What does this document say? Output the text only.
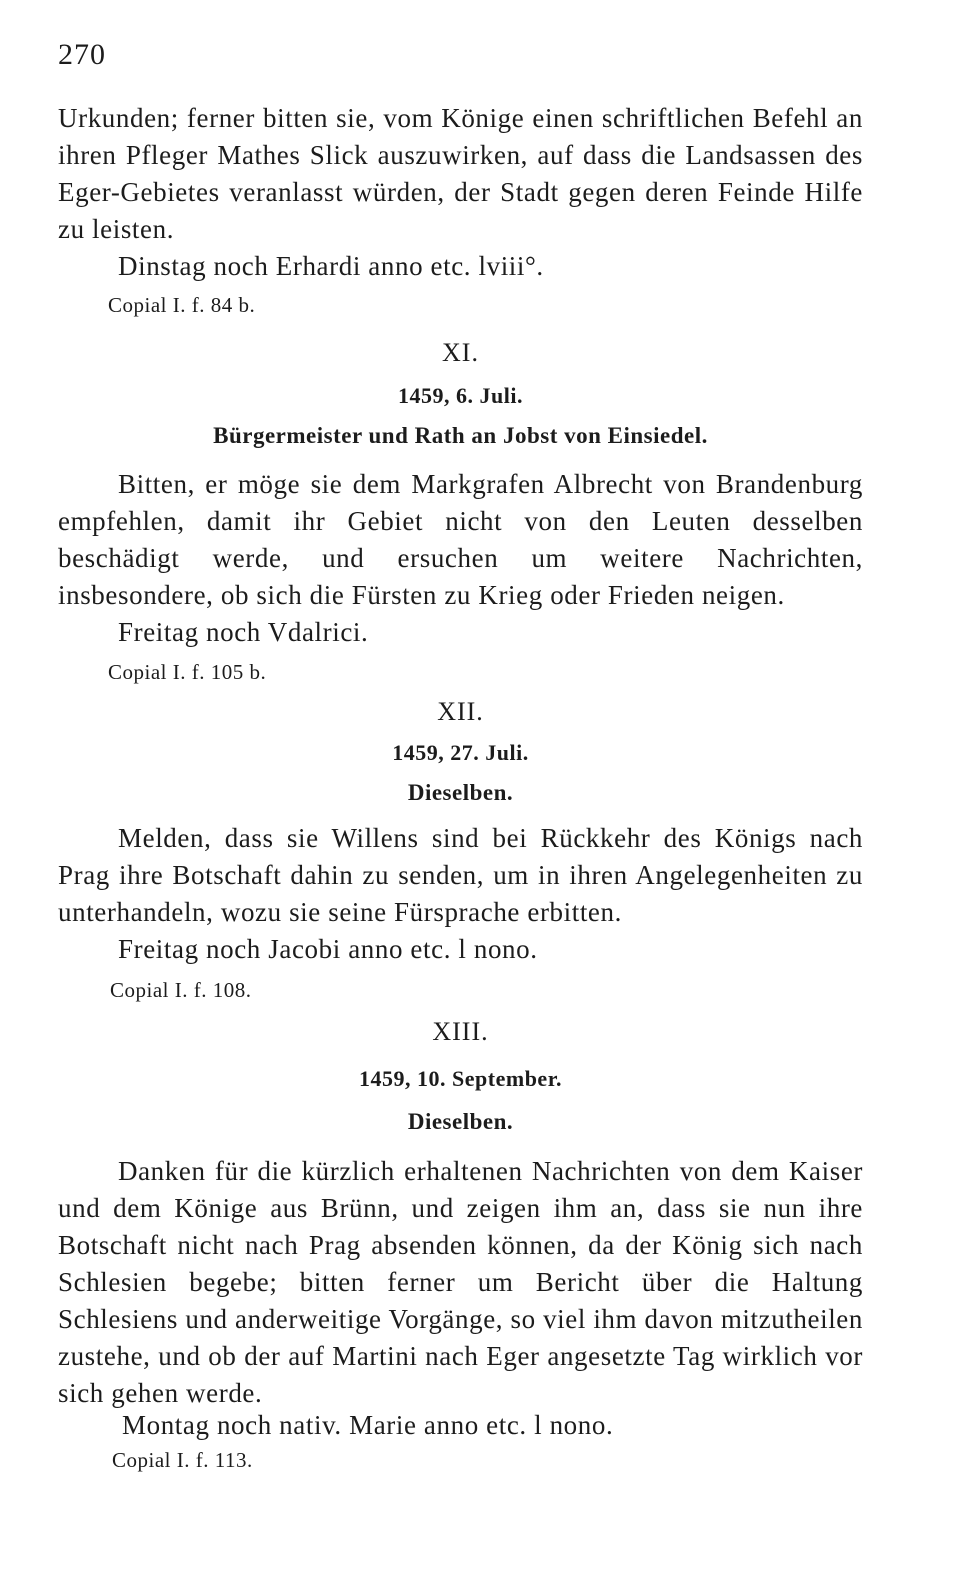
270
Urkunden; ferner bitten sie, vom Könige einen schriftlichen Befehl an ihren Pfleger Mathes Slick auszuwirken, auf dass die Landsassen des Eger-Gebietes veranlasst würden, der Stadt gegen deren Feinde Hilfe zu leisten.
Dinstag noch Erhardi anno etc. lviii°.
Copial I. f. 84 b.
XI.
1459, 6. Juli.
Bürgermeister und Rath an Jobst von Einsiedel.
Bitten, er möge sie dem Markgrafen Albrecht von Brandenburg empfehlen, damit ihr Gebiet nicht von den Leuten desselben beschädigt werde, und ersuchen um weitere Nachrichten, insbesondere, ob sich die Fürsten zu Krieg oder Frieden neigen.
Freitag noch Vdalrici.
Copial I. f. 105 b.
XII.
1459, 27. Juli.
Dieselben.
Melden, dass sie Willens sind bei Rückkehr des Königs nach Prag ihre Botschaft dahin zu senden, um in ihren Angelegenheiten zu unterhandeln, wozu sie seine Fürsprache erbitten.
Freitag noch Jacobi anno etc. l nono.
Copial I. f. 108.
XIII.
1459, 10. September.
Dieselben.
Danken für die kürzlich erhaltenen Nachrichten von dem Kaiser und dem Könige aus Brünn, und zeigen ihm an, dass sie nun ihre Botschaft nicht nach Prag absenden können, da der König sich nach Schlesien begebe; bitten ferner um Bericht über die Haltung Schlesiens und anderweitige Vorgänge, so viel ihm davon mitzutheilen zustehe, und ob der auf Martini nach Eger angesetzte Tag wirklich vor sich gehen werde.
Montag noch nativ. Marie anno etc. l nono.
Copial I. f. 113.
